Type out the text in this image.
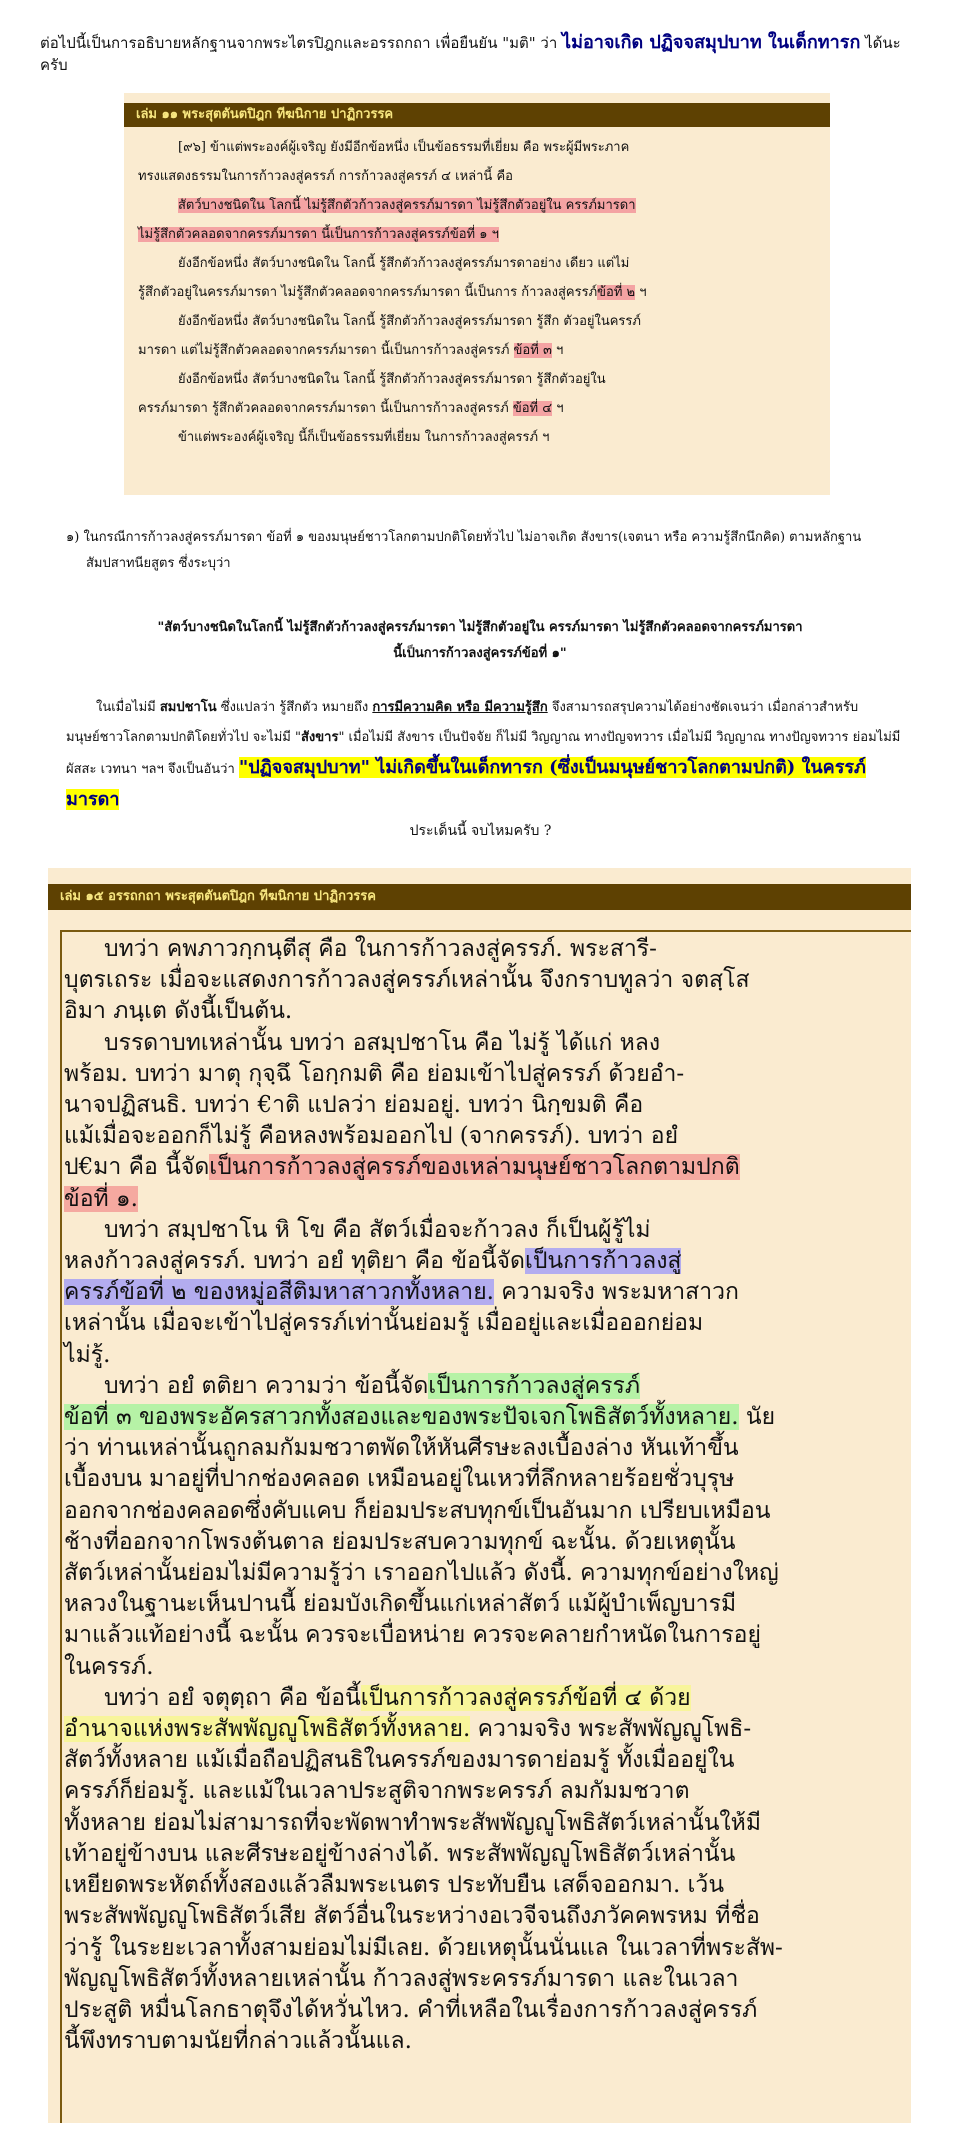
ต่อไปนี้เป็นการอธิบายหลักฐานจากพระไตรปิฎกและอรรถกถา เพื่อยืนยัน "มติ" ว่า ไม่อาจเกิด ปฏิจจสมุปบาท ในเด็กทารก ได้นะครับ
เล่ม ๑๑ พระสุตตันตปิฎก ทีฆนิกาย ปาฏิกวรรค

[๙๖] ข้าแต่พระองค์ผู้เจริญ ยังมีอีกข้อหนึ่ง เป็นข้อธรรมที่เยี่ยม คือ พระผู้มีพระภาค

ทรงแสดงธรรมในการก้าวลงสู่ครรภ์ การก้าวลงสู่ครรภ์ ๔ เหล่านี้ คือ

สัตว์บางชนิดใน โลกนี้ ไม่รู้สึกตัวก้าวลงสู่ครรภ์มารดา ไม่รู้สึกตัวอยู่ใน ครรภ์มารดา

ไม่รู้สึกตัวคลอดจากครรภ์มารดา นี้เป็นการก้าวลงสู่ครรภ์ข้อที่ ๑ ฯ

ยังอีกข้อหนึ่ง สัตว์บางชนิดใน โลกนี้ รู้สึกตัวก้าวลงสู่ครรภ์มารดาอย่าง เดียว แต่ไม่

รู้สึกตัวอยู่ในครรภ์มารดา ไม่รู้สึกตัวคลอดจากครรภ์มารดา นี้เป็นการ ก้าวลงสู่ครรภ์ข้อที่ ๒ ฯ

ยังอีกข้อหนึ่ง สัตว์บางชนิดใน โลกนี้ รู้สึกตัวก้าวลงสู่ครรภ์มารดา รู้สึก ตัวอยู่ในครรภ์

มารดา แต่ไม่รู้สึกตัวคลอดจากครรภ์มารดา นี้เป็นการก้าวลงสู่ครรภ์ ข้อที่ ๓ ฯ

ยังอีกข้อหนึ่ง สัตว์บางชนิดใน โลกนี้ รู้สึกตัวก้าวลงสู่ครรภ์มารดา รู้สึกตัวอยู่ใน

ครรภ์มารดา รู้สึกตัวคลอดจากครรภ์มารดา นี้เป็นการก้าวลงสู่ครรภ์ ข้อที่ ๔ ฯ

ข้าแต่พระองค์ผู้เจริญ นี้ก็เป็นข้อธรรมที่เยี่ยม ในการก้าวลงสู่ครรภ์ ฯ

๑) ในกรณีการก้าวลงสู่ครรภ์มารดา ข้อที่ ๑ ของมนุษย์ชาวโลกตามปกติโดยทั่วไป ไม่อาจเกิด สังขาร(เจตนา หรือ ความรู้สึกนึกคิด) ตามหลักฐาน
สัมปสาทนียสูตร ซึ่งระบุว่า
"สัตว์บางชนิดในโลกนี้ ไม่รู้สึกตัวก้าวลงสู่ครรภ์มารดา ไม่รู้สึกตัวอยู่ใน ครรภ์มารดา ไม่รู้สึกตัวคลอดจากครรภ์มารดา
นี้เป็นการก้าวลงสู่ครรภ์ข้อที่ ๑"
ในเมื่อไม่มี สมปชาโน ซึ่งแปลว่า รู้สึกตัว หมายถึง การมีความคิด หรือ มีความรู้สึก จึงสามารถสรุปความได้อย่างชัดเจนว่า เมื่อกล่าวสำหรับ
มนุษย์ชาวโลกตามปกติโดยทั่วไป จะไม่มี "สังขาร" เมื่อไม่มี สังขาร เป็นปัจจัย ก็ไม่มี วิญญาณ ทางปัญจทวาร เมื่อไม่มี วิญญาณ ทางปัญจทวาร ย่อมไม่มี
ผัสสะ เวทนา ฯลฯ จึงเป็นอันว่า "ปฏิจจสมุปบาท" ไม่เกิดขึ้นในเด็กทารก (ซึ่งเป็นมนุษย์ชาวโลกตามปกติ) ในครรภ์มารดา
ประเด็นนี้ จบไหมครับ ?
เล่ม ๑๕ อรรถกถา พระสุตตันตปิฎก ทีฆนิกาย ปาฏิกวรรค

บทว่า คพภาวกฺกนฺตีสุ คือ ในการก้าวลงสู่ครรภ์. พระสารี-

บุตรเถระ เมื่อจะแสดงการก้าวลงสู่ครรภ์เหล่านั้น จึงกราบทูลว่า จตสฺโส

อิมา ภนฺเต ดังนี้เป็นต้น.

บรรดาบทเหล่านั้น บทว่า อสมฺปชาโน คือ ไม่รู้ ได้แก่ หลง

พร้อม. บทว่า มาตุ กุจฺฉึ โอกฺกมติ คือ ย่อมเข้าไปสู่ครรภ์ ด้วยอำ-

นาจปฏิสนธิ. บทว่า €าติ แปลว่า ย่อมอยู่. บทว่า นิกฺขมติ คือ

แม้เมื่อจะออกก็ไม่รู้ คือหลงพร้อมออกไป (จากครรภ์). บทว่า อยํ

ป€มา คือ นี้จัดเป็นการก้าวลงสู่ครรภ์ของเหล่ามนุษย์ชาวโลกตามปกติ

ข้อที่ ๑.

บทว่า สมฺปชาโน หิ โข คือ สัตว์เมื่อจะก้าวลง ก็เป็นผู้รู้ไม่

หลงก้าวลงสู่ครรภ์. บทว่า อยํ ทุติยา คือ ข้อนี้จัดเป็นการก้าวลงสู่

ครรภ์ข้อที่ ๒ ของหมู่อสีติมหาสาวกทั้งหลาย. ความจริง พระมหาสาวก

เหล่านั้น เมื่อจะเข้าไปสู่ครรภ์เท่านั้นย่อมรู้ เมื่ออยู่และเมื่อออกย่อม

ไม่รู้.

บทว่า อยํ ตติยา ความว่า ข้อนี้จัดเป็นการก้าวลงสู่ครรภ์

ข้อที่ ๓ ของพระอัครสาวกทั้งสองและของพระปัจเจกโพธิสัตว์ทั้งหลาย. นัย

ว่า ท่านเหล่านั้นถูกลมกัมมชวาตพัดให้หันศีรษะลงเบื้องล่าง หันเท้าขึ้น

เบื้องบน มาอยู่ที่ปากช่องคลอด เหมือนอยู่ในเหวที่ลึกหลายร้อยชั่วบุรุษ

ออกจากช่องคลอดซึ่งคับแคบ ก็ย่อมประสบทุกข์เป็นอันมาก เปรียบเหมือน

ช้างที่ออกจากโพรงต้นตาล ย่อมประสบความทุกข์ ฉะนั้น. ด้วยเหตุนั้น

สัตว์เหล่านั้นย่อมไม่มีความรู้ว่า เราออกไปแล้ว ดังนี้. ความทุกข์อย่างใหญ่

หลวงในฐานะเห็นปานนี้ ย่อมบังเกิดขึ้นแก่เหล่าสัตว์ แม้ผู้บำเพ็ญบารมี

มาแล้วแท้อย่างนี้ ฉะนั้น ควรจะเบื่อหน่าย ควรจะคลายกำหนัดในการอยู่

ในครรภ์.

บทว่า อยํ จตุตฺถา คือ ข้อนี้เป็นการก้าวลงสู่ครรภ์ข้อที่ ๔ ด้วย

อำนาจแห่งพระสัพพัญญูโพธิสัตว์ทั้งหลาย. ความจริง พระสัพพัญญูโพธิ-

สัตว์ทั้งหลาย แม้เมื่อถือปฏิสนธิในครรภ์ของมารดาย่อมรู้ ทั้งเมื่ออยู่ใน

ครรภ์ก็ย่อมรู้. และแม้ในเวลาประสูติจากพระครรภ์ ลมกัมมชวาต

ทั้งหลาย ย่อมไม่สามารถที่จะพัดพาทำพระสัพพัญญูโพธิสัตว์เหล่านั้นให้มี

เท้าอยู่ข้างบน และศีรษะอยู่ข้างล่างได้. พระสัพพัญญูโพธิสัตว์เหล่านั้น

เหยียดพระหัตถ์ทั้งสองแล้วลืมพระเนตร ประทับยืน เสด็จออกมา. เว้น

พระสัพพัญญูโพธิสัตว์เสีย สัตว์อื่นในระหว่างอเวจีจนถึงภวัคคพรหม ที่ชื่อ

ว่ารู้ ในระยะเวลาทั้งสามย่อมไม่มีเลย. ด้วยเหตุนั้นนั่นแล ในเวลาที่พระสัพ-

พัญญูโพธิสัตว์ทั้งหลายเหล่านั้น ก้าวลงสู่พระครรภ์มารดา และในเวลา

ประสูติ หมื่นโลกธาตุจึงได้หวั่นไหว. คำที่เหลือในเรื่องการก้าวลงสู่ครรภ์

นี้พึงทราบตามนัยที่กล่าวแล้วนั้นแล.
